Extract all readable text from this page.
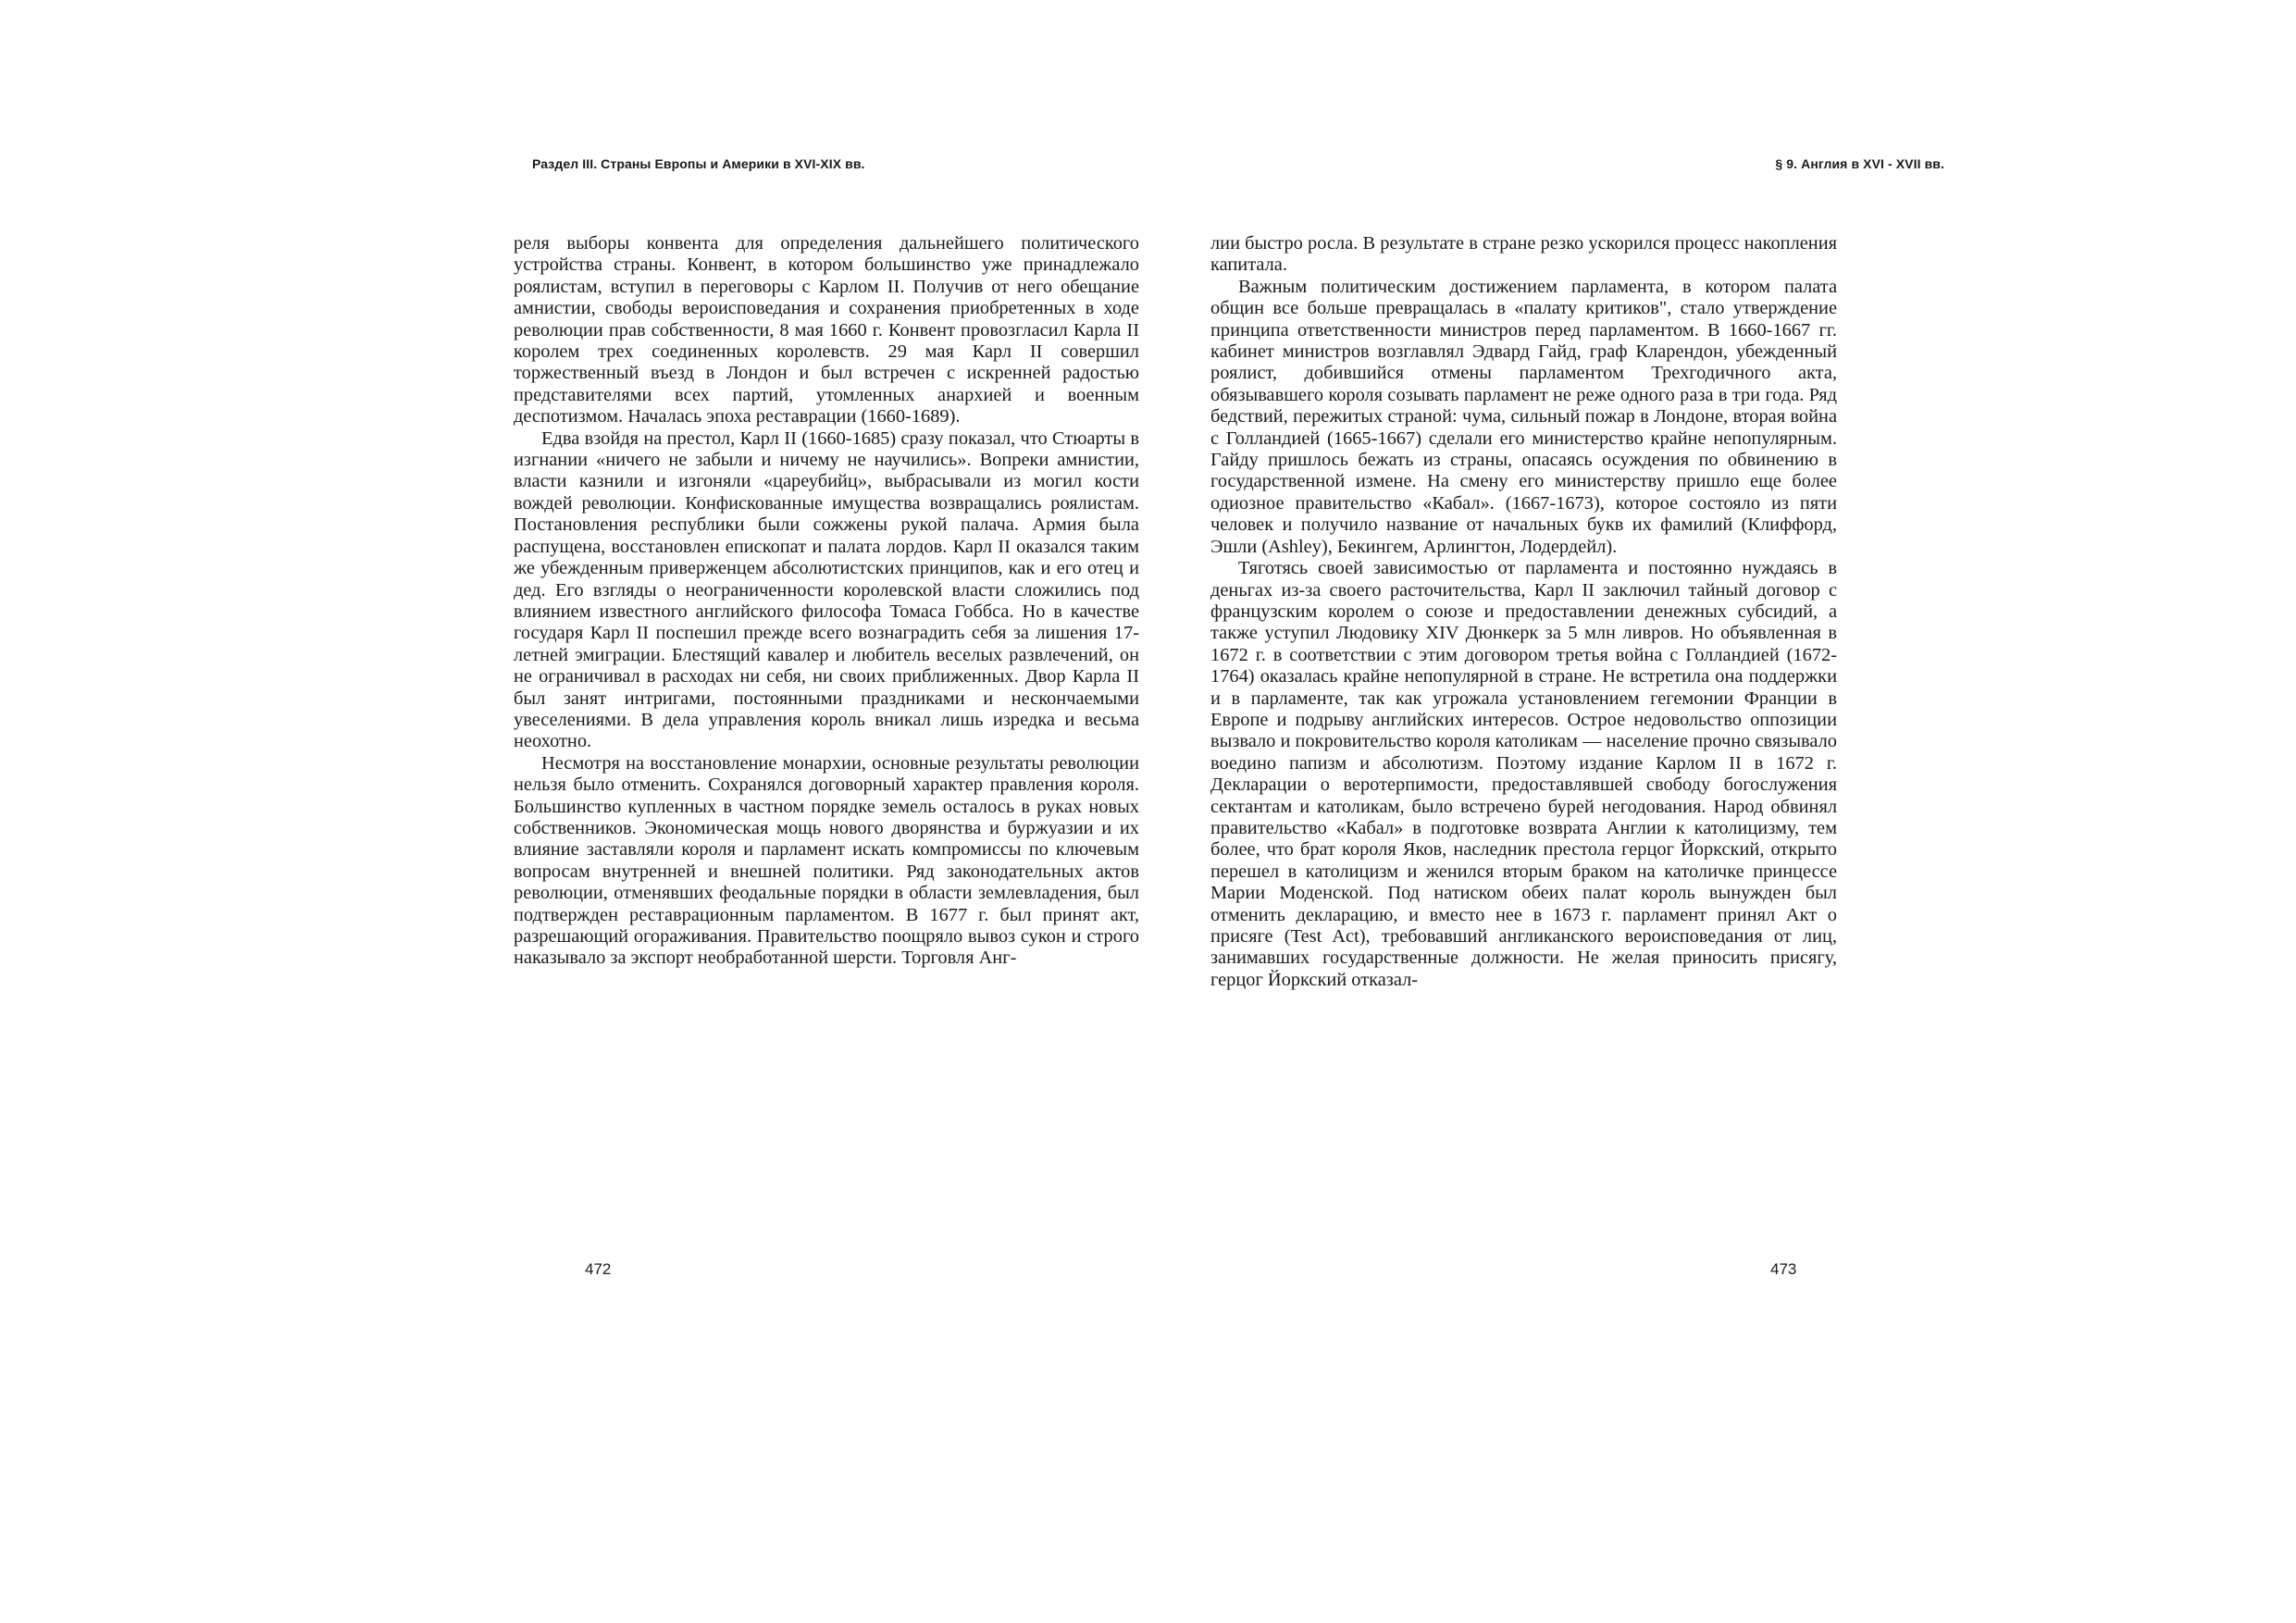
Раздел III. Страны Европы и Америки в XVI-XIX вв.

реля выборы конвента для определения дальнейшего политического устройства страны. Конвент, в котором большинство уже принадлежало роялистам, вступил в переговоры с Карлом II. Получив от него обещание амнистии, свободы вероисповедания и сохранения приобретенных в ходе революции прав собственности, 8 мая 1660 г. Конвент провозгласил Карла II королем трех соединенных королевств. 29 мая Карл II совершил торжественный въезд в Лондон и был встречен с искренней радостью представителями всех партий, утомленных анархией и военным деспотизмом. Началась эпоха реставрации (1660-1689).

Едва взойдя на престол, Карл II (1660-1685) сразу показал, что Стюарты в изгнании «ничего не забыли и ничему не научились». Вопреки амнистии, власти казнили и изгоняли «цареубийц», выбрасывали из могил кости вождей революции. Конфискованные имущества возвращались роялистам. Постановления республики были сожжены рукой палача. Армия была распущена, восстановлен епископат и палата лордов. Карл II оказался таким же убежденным приверженцем абсолютистских принципов, как и его отец и дед. Его взгляды о неограниченности королевской власти сложились под влиянием известного английского философа Томаса Гоббса. Но в качестве государя Карл II поспешил прежде всего вознаградить себя за лишения 17-летней эмиграции. Блестящий кавалер и любитель веселых развлечений, он не ограничивал в расходах ни себя, ни своих приближенных. Двор Карла II был занят интригами, постоянными праздниками и нескончаемыми увеселениями. В дела управления король вникал лишь изредка и весьма неохотно.

Несмотря на восстановление монархии, основные результаты революции нельзя было отменить. Сохранялся договорный характер правления короля. Большинство купленных в частном порядке земель осталось в руках новых собственников. Экономическая мощь нового дворянства и буржуазии и их влияние заставляли короля и парламент искать компромиссы по ключевым вопросам внутренней и внешней политики. Ряд законодательных актов революции, отменявших феодальные порядки в области землевладения, был подтвержден реставрационным парламентом. В 1677 г. был принят акт, разрешающий огораживания. Правительство поощряло вывоз сукон и строго наказывало за экспорт необработанной шерсти. Торговля Анг-

472
§ 9. Англия в XVI - XVII вв.

лии быстро росла. В результате в стране резко ускорился процесс накопления капитала.

Важным политическим достижением парламента, в котором палата общин все больше превращалась в «палату критиков", стало утверждение принципа ответственности министров перед парламентом. В 1660-1667 гг. кабинет министров возглавлял Эдвард Гайд, граф Кларендон, убежденный роялист, добившийся отмены парламентом Трехгодичного акта, обязывавшего короля созывать парламент не реже одного раза в три года. Ряд бедствий, пережитых страной: чума, сильный пожар в Лондоне, вторая война с Голландией (1665-1667) сделали его министерство крайне непопулярным. Гайду пришлось бежать из страны, опасаясь осуждения по обвинению в государственной измене. На смену его министерству пришло еще более одиозное правительство «Кабал». (1667-1673), которое состояло из пяти человек и получило название от начальных букв их фамилий (Клиффорд, Эшли (Ashley), Бекингем, Арлингтон, Лодердейл).

Тяготясь своей зависимостью от парламента и постоянно нуждаясь в деньгах из-за своего расточительства, Карл II заключил тайный договор с французским королем о союзе и предоставлении денежных субсидий, а также уступил Людовику XIV Дюнкерк за 5 млн ливров. Но объявленная в 1672 г. в соответствии с этим договором третья война с Голландией (1672-1764) оказалась крайне непопулярной в стране. Не встретила она поддержки и в парламенте, так как угрожала установлением гегемонии Франции в Европе и подрыву английских интересов. Острое недовольство оппозиции вызвало и покровительство короля католикам — население прочно связывало воедино папизм и абсолютизм. Поэтому издание Карлом II в 1672 г. Декларации о веротерпимости, предоставлявшей свободу богослужения сектантам и католикам, было встречено бурей негодования. Народ обвинял правительство «Кабал» в подготовке возврата Англии к католицизму, тем более, что брат короля Яков, наследник престола герцог Йоркский, открыто перешел в католицизм и женился вторым браком на католичке принцессе Марии Моденской. Под натиском обеих палат король вынужден был отменить декларацию, и вместо нее в 1673 г. парламент принял Акт о присяге (Test Act), требовавший англиканского вероисповедания от лиц, занимавших государственные должности. Не желая приносить присягу, герцог Йоркский отказал-

473
